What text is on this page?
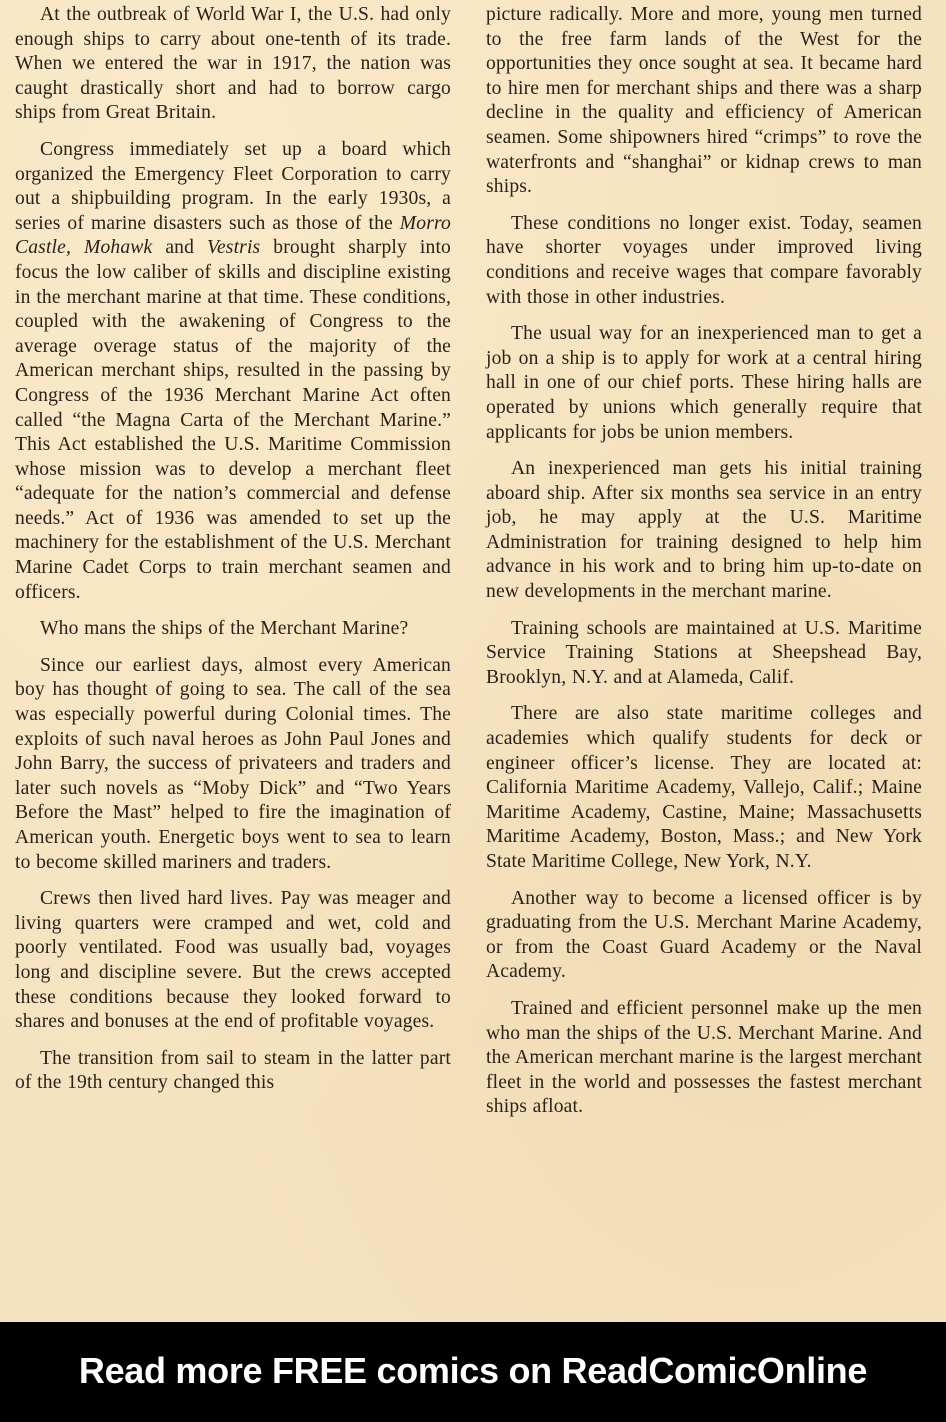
At the outbreak of World War I, the U.S. had only enough ships to carry about one-tenth of its trade. When we entered the war in 1917, the nation was caught drastically short and had to borrow cargo ships from Great Britain.

Congress immediately set up a board which organized the Emergency Fleet Corporation to carry out a shipbuilding program. In the early 1930s, a series of marine disasters such as those of the Morro Castle, Mohawk and Vestris brought sharply into focus the low caliber of skills and discipline existing in the merchant marine at that time. These conditions, coupled with the awakening of Congress to the average overage status of the majority of the American merchant ships, resulted in the passing by Congress of the 1936 Merchant Marine Act often called “the Magna Carta of the Merchant Marine.” This Act established the U.S. Maritime Commission whose mission was to develop a merchant fleet “adequate for the nation’s commercial and defense needs.” Act of 1936 was amended to set up the machinery for the establishment of the U.S. Merchant Marine Cadet Corps to train merchant seamen and officers.

Who mans the ships of the Merchant Marine?

Since our earliest days, almost every American boy has thought of going to sea. The call of the sea was especially powerful during Colonial times. The exploits of such naval heroes as John Paul Jones and John Barry, the success of privateers and traders and later such novels as “Moby Dick” and “Two Years Before the Mast” helped to fire the imagination of American youth. Energetic boys went to sea to learn to become skilled mariners and traders.

Crews then lived hard lives. Pay was meager and living quarters were cramped and wet, cold and poorly ventilated. Food was usually bad, voyages long and discipline severe. But the crews accepted these conditions because they looked forward to shares and bonuses at the end of profitable voyages.

The transition from sail to steam in the latter part of the 19th century changed this

picture radically. More and more, young men turned to the free farm lands of the West for the opportunities they once sought at sea. It became hard to hire men for merchant ships and there was a sharp decline in the quality and efficiency of American seamen. Some shipowners hired “crimps” to rove the waterfronts and “shanghai” or kidnap crews to man ships.

These conditions no longer exist. Today, seamen have shorter voyages under improved living conditions and receive wages that compare favorably with those in other industries.

The usual way for an inexperienced man to get a job on a ship is to apply for work at a central hiring hall in one of our chief ports. These hiring halls are operated by unions which generally require that applicants for jobs be union members.

An inexperienced man gets his initial training aboard ship. After six months sea service in an entry job, he may apply at the U.S. Maritime Administration for training designed to help him advance in his work and to bring him up-to-date on new developments in the merchant marine.

Training schools are maintained at U.S. Maritime Service Training Stations at Sheepshead Bay, Brooklyn, N.Y. and at Alameda, Calif.

There are also state maritime colleges and academies which qualify students for deck or engineer officer’s license. They are located at: California Maritime Academy, Vallejo, Calif.; Maine Maritime Academy, Castine, Maine; Massachusetts Maritime Academy, Boston, Mass.; and New York State Maritime College, New York, N.Y.

Another way to become a licensed officer is by graduating from the U.S. Merchant Marine Academy, or from the Coast Guard Academy or the Naval Academy.

Trained and efficient personnel make up the men who man the ships of the U.S. Merchant Marine. And the American merchant marine is the largest merchant fleet in the world and possesses the fastest merchant ships afloat.

Read more FREE comics on ReadComicOnline
